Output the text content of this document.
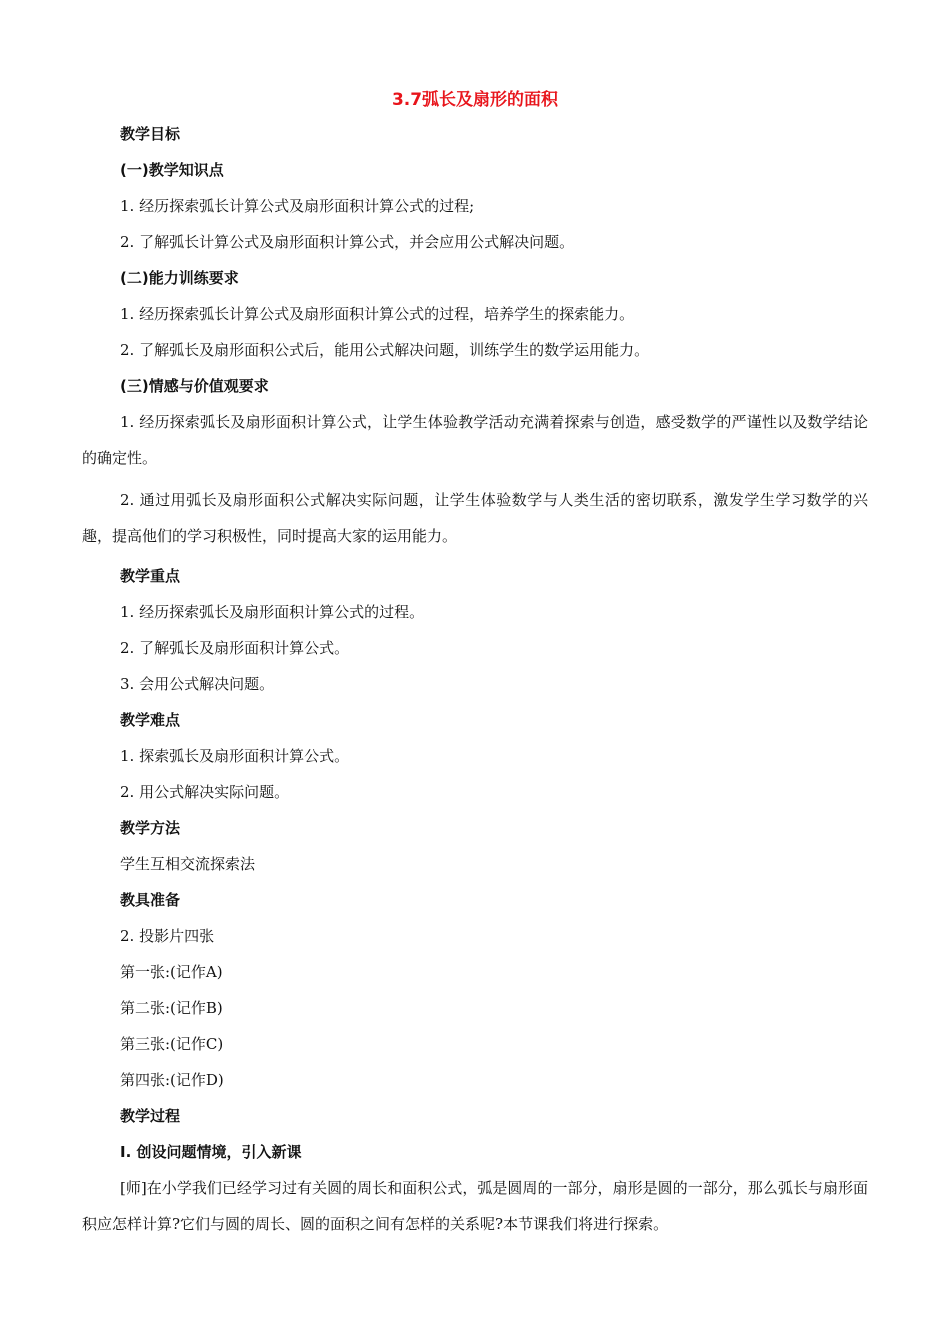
3.7弧长及扇形的面积
教学目标
(一)教学知识点
1. 经历探索弧长计算公式及扇形面积计算公式的过程;
2. 了解弧长计算公式及扇形面积计算公式，并会应用公式解决问题。
(二)能力训练要求
1. 经历探索弧长计算公式及扇形面积计算公式的过程，培养学生的探索能力。
2. 了解弧长及扇形面积公式后，能用公式解决问题，训练学生的数学运用能力。
(三)情感与价值观要求
1. 经历探索弧长及扇形面积计算公式，让学生体验教学活动充满着探索与创造，感受数学的严谨性以及数学结论的确定性。
2. 通过用弧长及扇形面积公式解决实际问题，让学生体验数学与人类生活的密切联系，激发学生学习数学的兴趣，提高他们的学习积极性，同时提高大家的运用能力。
教学重点
1. 经历探索弧长及扇形面积计算公式的过程。
2. 了解弧长及扇形面积计算公式。
3. 会用公式解决问题。
教学难点
1. 探索弧长及扇形面积计算公式。
2. 用公式解决实际问题。
教学方法
学生互相交流探索法
教具准备
2. 投影片四张
第一张:(记作A)
第二张:(记作B)
第三张:(记作C)
第四张:(记作D)
教学过程
Ⅰ. 创设问题情境，引入新课
[师]在小学我们已经学习过有关圆的周长和面积公式，弧是圆周的一部分，扇形是圆的一部分，那么弧长与扇形面积应怎样计算?它们与圆的周长、圆的面积之间有怎样的关系呢?本节课我们将进行探索。
